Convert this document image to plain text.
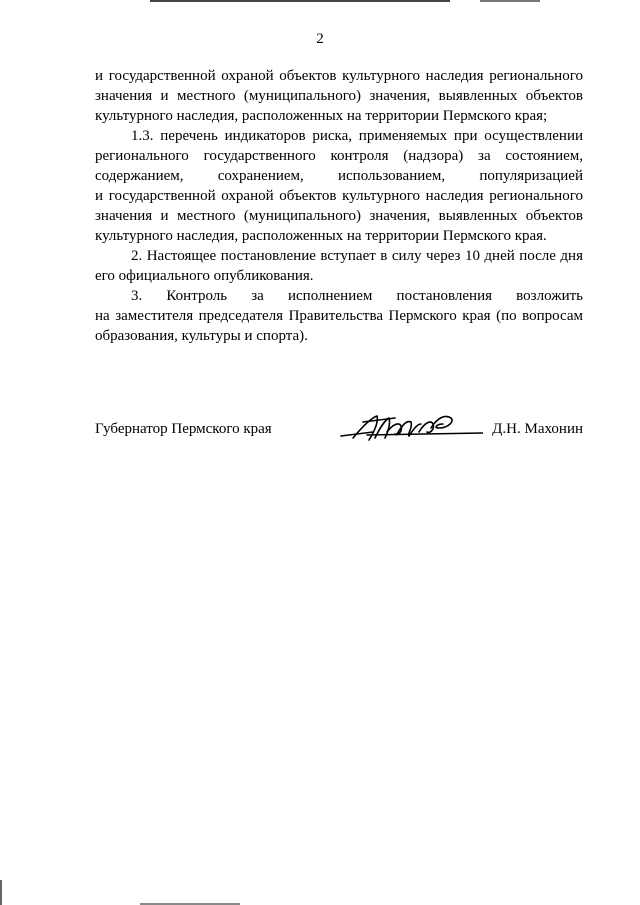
2

и государственной охраной объектов культурного наследия регионального

значения и местного (муниципального) значения, выявленных объектов

культурного наследия, расположенных на территории Пермского края;

1.3. перечень индикаторов риска, применяемых при осуществлении

регионального государственного контроля (надзора) за состоянием,

содержанием, сохранением, использованием, популяризацией

и государственной охраной объектов культурного наследия регионального

значения и местного (муниципального) значения, выявленных объектов

культурного наследия, расположенных на территории Пермского края.

2. Настоящее постановление вступает в силу через 10 дней после дня

его официального опубликования.

3. Контроль за исполнением постановления возложить

на заместителя председателя Правительства Пермского края (по вопросам

образования, культуры и спорта).

Губернатор Пермского края	Д.Н. Махонин
